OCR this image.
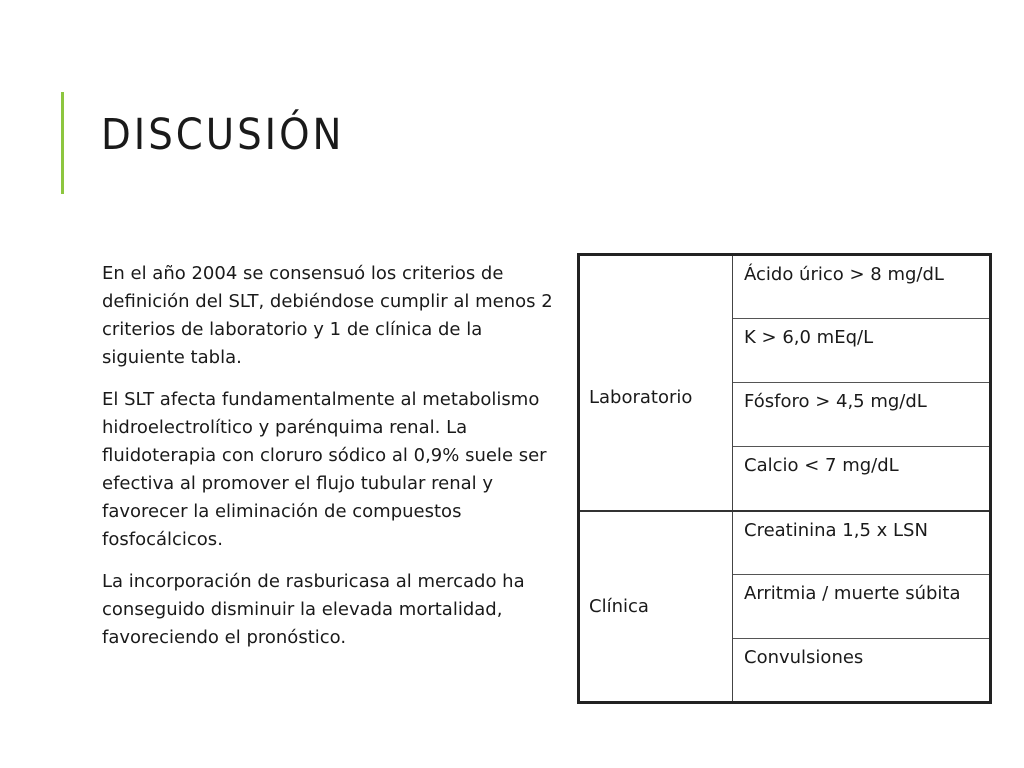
DISCUSIÓN

En el año 2004 se consensuó los criterios de definición del SLT, debiéndose cumplir al menos 2 criterios de laboratorio y 1 de clínica de la siguiente tabla.

El SLT afecta fundamentalmente al metabolismo hidroelectrolítico y parénquima renal. La fluidoterapia con cloruro sódico al 0,9% suele ser efectiva al promover el flujo tubular renal y favorecer la eliminación de compuestos fosfocálcicos.

La incorporación de rasburicasa al mercado ha conseguido disminuir la elevada mortalidad, favoreciendo el pronóstico.

Laboratorio	Ácido úrico > 8 mg/dL
	K > 6,0 mEq/L
	Fósforo > 4,5 mg/dL
	Calcio < 7 mg/dL
Clínica	Creatinina 1,5 x LSN
	Arritmia / muerte súbita
	Convulsiones
